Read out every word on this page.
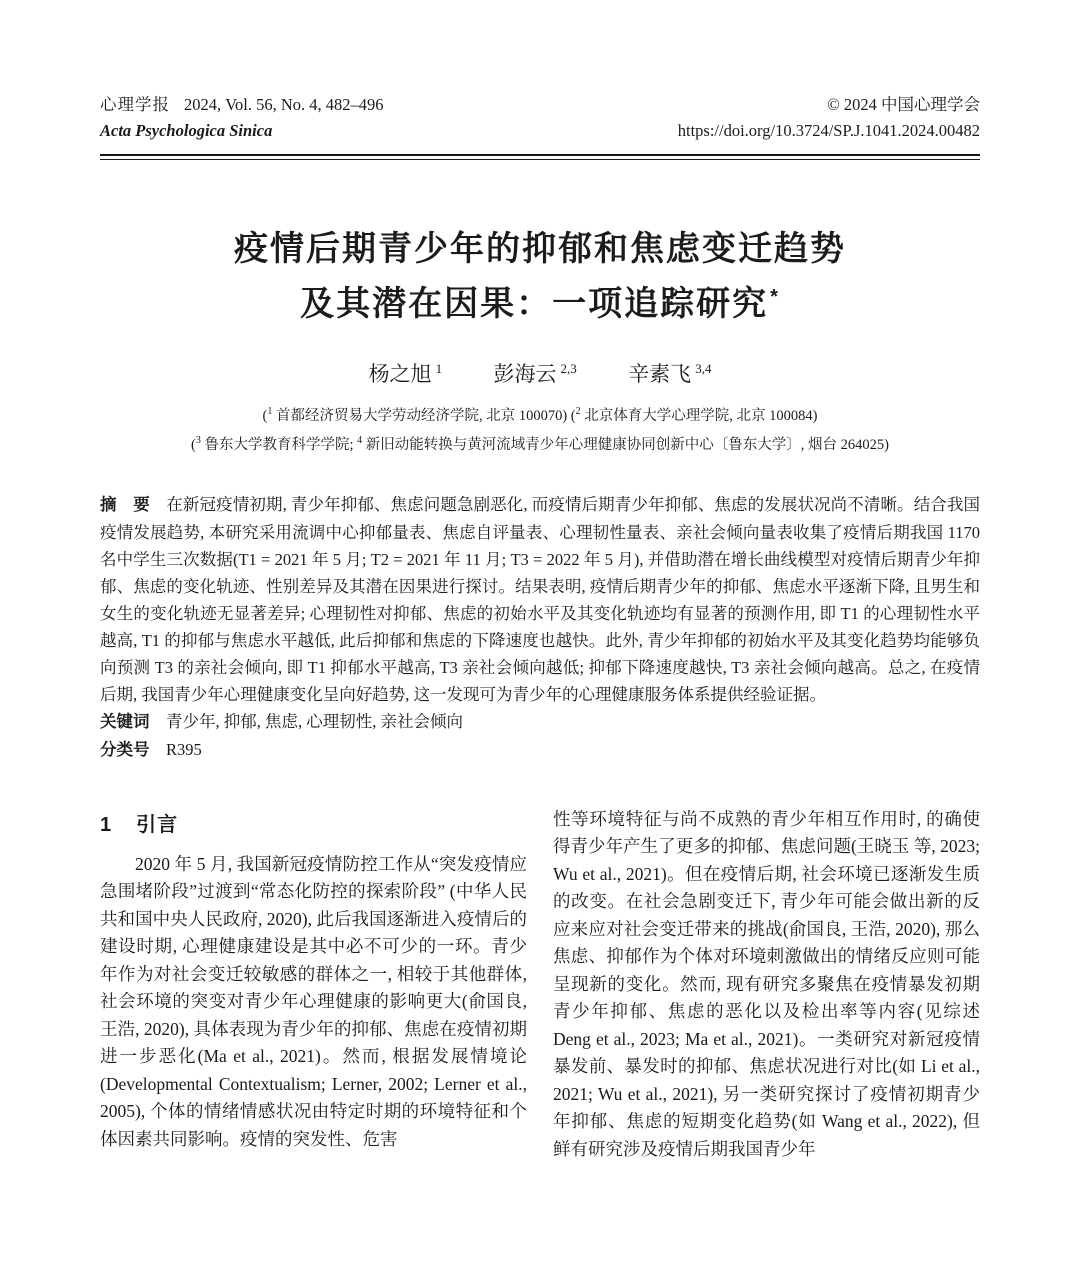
心理学报 2024, Vol. 56, No. 4, 482–496
Acta Psychologica Sinica
© 2024 中国心理学会
https://doi.org/10.3724/SP.J.1041.2024.00482
疫情后期青少年的抑郁和焦虑变迁趋势
及其潜在因果：一项追踪研究 *
杨之旭 $^1$ 彭海云 $^{2,3}$ 辛素飞 $^{3,4}$
($^1$ 首都经济贸易大学劳动经济学院, 北京 100070) ($^2$ 北京体育大学心理学院, 北京 100084)
($^3$ 鲁东大学教育科学学院; $^4$ 新旧动能转换与黄河流域青少年心理健康协同创新中心〔鲁东大学〕, 烟台 264025)
摘　要 在新冠疫情初期, 青少年抑郁、焦虑问题急剧恶化, 而疫情后期青少年抑郁、焦虑的发展状况尚不清晰。结合我国疫情发展趋势, 本研究采用流调中心抑郁量表、焦虑自评量表、心理韧性量表、亲社会倾向量表收集了疫情后期我国 1170 名中学生三次数据(T1 = 2021 年 5 月; T2 = 2021 年 11 月; T3 = 2022 年 5 月), 并借助潜在增长曲线模型对疫情后期青少年抑郁、焦虑的变化轨迹、性别差异及其潜在因果进行探讨。结果表明, 疫情后期青少年的抑郁、焦虑水平逐渐下降, 且男生和女生的变化轨迹无显著差异; 心理韧性对抑郁、焦虑的初始水平及其变化轨迹均有显著的预测作用, 即 T1 的心理韧性水平越高, T1 的抑郁与焦虑水平越低, 此后抑郁和焦虑的下降速度也越快。此外, 青少年抑郁的初始水平及其变化趋势均能够负向预测 T3 的亲社会倾向, 即 T1 抑郁水平越高, T3 亲社会倾向越低; 抑郁下降速度越快, T3 亲社会倾向越高。总之, 在疫情后期, 我国青少年心理健康变化呈向好趋势, 这一发现可为青少年的心理健康服务体系提供经验证据。
关键词 青少年, 抑郁, 焦虑, 心理韧性, 亲社会倾向
分类号 R395
1 引言

2020 年 5 月, 我国新冠疫情防控工作从“突发疫情应急围堵阶段”过渡到“常态化防控的探索阶段” (中华人民共和国中央人民政府, 2020), 此后我国逐渐进入疫情后的建设时期, 心理健康建设是其中必不可少的一环。青少年作为对社会变迁较敏感的群体之一, 相较于其他群体, 社会环境的突变对青少年心理健康的影响更大(俞国良, 王浩, 2020), 具体表现为青少年的抑郁、焦虑在疫情初期进一步恶化(Ma et al., 2021)。然而, 根据发展情境论(Developmental Contextualism; Lerner, 2002; Lerner et al., 2005), 个体的情绪情感状况由特定时期的环境特征和个体因素共同影响。疫情的突发性、危害

性等环境特征与尚不成熟的青少年相互作用时, 的确使得青少年产生了更多的抑郁、焦虑问题(王晓玉 等, 2023; Wu et al., 2021)。但在疫情后期, 社会环境已逐渐发生质的改变。在社会急剧变迁下, 青少年可能会做出新的反应来应对社会变迁带来的挑战(俞国良, 王浩, 2020), 那么焦虑、抑郁作为个体对环境刺激做出的情绪反应则可能呈现新的变化。然而, 现有研究多聚焦在疫情暴发初期青少年抑郁、焦虑的恶化以及检出率等内容(见综述 Deng et al., 2023; Ma et al., 2021)。一类研究对新冠疫情暴发前、暴发时的抑郁、焦虑状况进行对比(如 Li et al., 2021; Wu et al., 2021), 另一类研究探讨了疫情初期青少年抑郁、焦虑的短期变化趋势(如 Wang et al., 2022), 但鲜有研究涉及疫情后期我国青少年
